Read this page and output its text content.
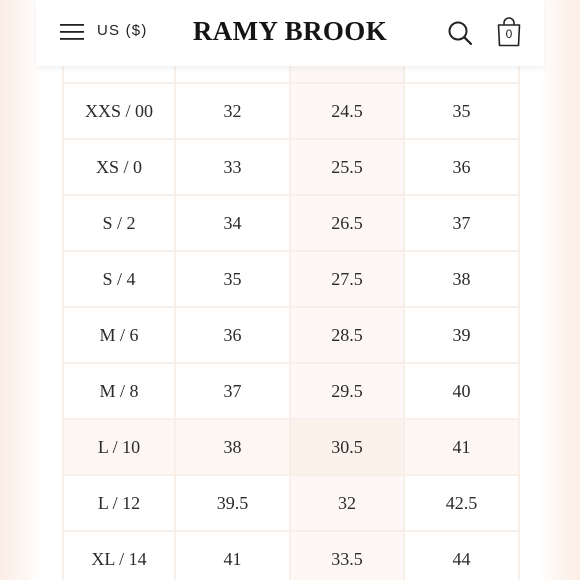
US ($) RAMY BROOK	0

XXS / 00	32	24.5	35
XS / 0	33	25.5	36
S / 2	34	26.5	37
S / 4	35	27.5	38
M / 6	36	28.5	39
M / 8	37	29.5	40
L / 10	38	30.5	41
L / 12	39.5	32	42.5
XL / 14	41	33.5	44
